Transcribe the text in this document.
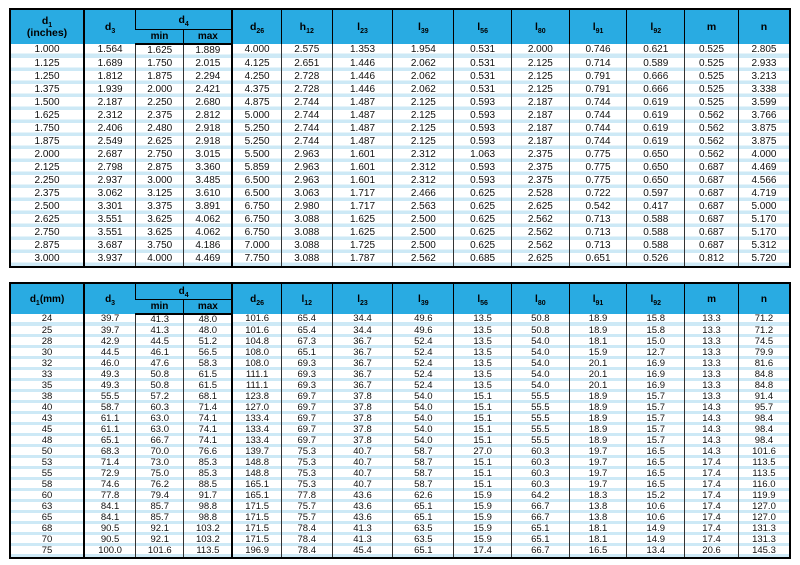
$d_1$
(inches)	$d_3$	$d_4$		$d_{26}$	$h_{12}$	$l_{23}$	$l_{39}$	$l_{56}$	$l_{80}$	$l_{91}$	$l_{92}$	m	n
		min	max										
1.000	1.564	1.625	1.889	4.000	2.575	1.353	1.954	0.531	2.000	0.746	0.621	0.525	2.805
1.125	1.689	1.750	2.015	4.125	2.651	1.446	2.062	0.531	2.125	0.714	0.589	0.525	2.933
1.250	1.812	1.875	2.294	4.250	2.728	1.446	2.062	0.531	2.125	0.791	0.666	0.525	3.213
1.375	1.939	2.000	2.421	4.375	2.728	1.446	2.062	0.531	2.125	0.791	0.666	0.525	3.338
1.500	2.187	2.250	2.680	4.875	2.744	1.487	2.125	0.593	2.187	0.744	0.619	0.525	3.599
1.625	2.312	2.375	2.812	5.000	2.744	1.487	2.125	0.593	2.187	0.744	0.619	0.562	3.766
1.750	2.406	2.480	2.918	5.250	2.744	1.487	2.125	0.593	2.187	0.744	0.619	0.562	3.875
1.875	2.549	2.625	2.918	5.250	2.744	1.487	2.125	0.593	2.187	0.744	0.619	0.562	3.875
2.000	2.687	2.750	3.015	5.500	2.963	1.601	2.312	1.063	2.375	0.775	0.650	0.562	4.000
2.125	2.798	2.875	3.360	5.859	2.963	1.601	2.312	0.593	2.375	0.775	0.650	0.687	4.469
2.250	2.937	3.000	3.485	6.500	2.963	1.601	2.312	0.593	2.375	0.775	0.650	0.687	4.566
2.375	3.062	3.125	3.610	6.500	3.063	1.717	2.466	0.625	2.528	0.722	0.597	0.687	4.719
2.500	3.301	3.375	3.891	6.750	2.980	1.717	2.563	0.625	2.625	0.542	0.417	0.687	5.000
2.625	3.551	3.625	4.062	6.750	3.088	1.625	2.500	0.625	2.562	0.713	0.588	0.687	5.170
2.750	3.551	3.625	4.062	6.750	3.088	1.625	2.500	0.625	2.562	0.713	0.588	0.687	5.170
2.875	3.687	3.750	4.186	7.000	3.088	1.725	2.500	0.625	2.562	0.713	0.588	0.687	5.312
3.000	3.937	4.000	4.469	7.750	3.088	1.787	2.562	0.685	2.625	0.651	0.526	0.812	5.720
$d_1(mm)$	$d_3$	$d_4$		$d_{26}$	$l_{12}$	$l_{23}$	$l_{39}$	$l_{56}$	$l_{80}$	$l_{91}$	$l_{92}$	m	n
		min	max										
24	39.7	41.3	48.0	101.6	65.4	34.4	49.6	13.5	50.8	18.9	15.8	13.3	71.2
25	39.7	41.3	48.0	101.6	65.4	34.4	49.6	13.5	50.8	18.9	15.8	13.3	71.2
28	42.9	44.5	51.2	104.8	67.3	36.7	52.4	13.5	54.0	18.1	15.0	13.3	74.5
30	44.5	46.1	56.5	108.0	65.1	36.7	52.4	13.5	54.0	15.9	12.7	13.3	79.9
32	46.0	47.6	58.3	108.0	69.3	36.7	52.4	13.5	54.0	20.1	16.9	13.3	81.6
33	49.3	50.8	61.5	111.1	69.3	36.7	52.4	13.5	54.0	20.1	16.9	13.3	84.8
35	49.3	50.8	61.5	111.1	69.3	36.7	52.4	13.5	54.0	20.1	16.9	13.3	84.8
38	55.5	57.2	68.1	123.8	69.7	37.8	54.0	15.1	55.5	18.9	15.7	13.3	91.4
40	58.7	60.3	71.4	127.0	69.7	37.8	54.0	15.1	55.5	18.9	15.7	14.3	95.7
43	61.1	63.0	74.1	133.4	69.7	37.8	54.0	15.1	55.5	18.9	15.7	14.3	98.4
45	61.1	63.0	74.1	133.4	69.7	37.8	54.0	15.1	55.5	18.9	15.7	14.3	98.4
48	65.1	66.7	74.1	133.4	69.7	37.8	54.0	15.1	55.5	18.9	15.7	14.3	98.4
50	68.3	70.0	76.6	139.7	75.3	40.7	58.7	27.0	60.3	19.7	16.5	14.3	101.6
53	71.4	73.0	85.3	148.8	75.3	40.7	58.7	15.1	60.3	19.7	16.5	17.4	113.5
55	72.9	75.0	85.3	148.8	75.3	40.7	58.7	15.1	60.3	19.7	16.5	17.4	113.5
58	74.6	76.2	88.5	165.1	75.3	40.7	58.7	15.1	60.3	19.7	16.5	17.4	116.0
60	77.8	79.4	91.7	165.1	77.8	43.6	62.6	15.9	64.2	18.3	15.2	17.4	119.9
63	84.1	85.7	98.8	171.5	75.7	43.6	65.1	15.9	66.7	13.8	10.6	17.4	127.0
65	84.1	85.7	98.8	171.5	75.7	43.6	65.1	15.9	66.7	13.8	10.6	17.4	127.0
68	90.5	92.1	103.2	171.5	78.4	41.3	63.5	15.9	65.1	18.1	14.9	17.4	131.3
70	90.5	92.1	103.2	171.5	78.4	41.3	63.5	15.9	65.1	18.1	14.9	17.4	131.3
75	100.0	101.6	113.5	196.9	78.4	45.4	65.1	17.4	66.7	16.5	13.4	20.6	145.3
